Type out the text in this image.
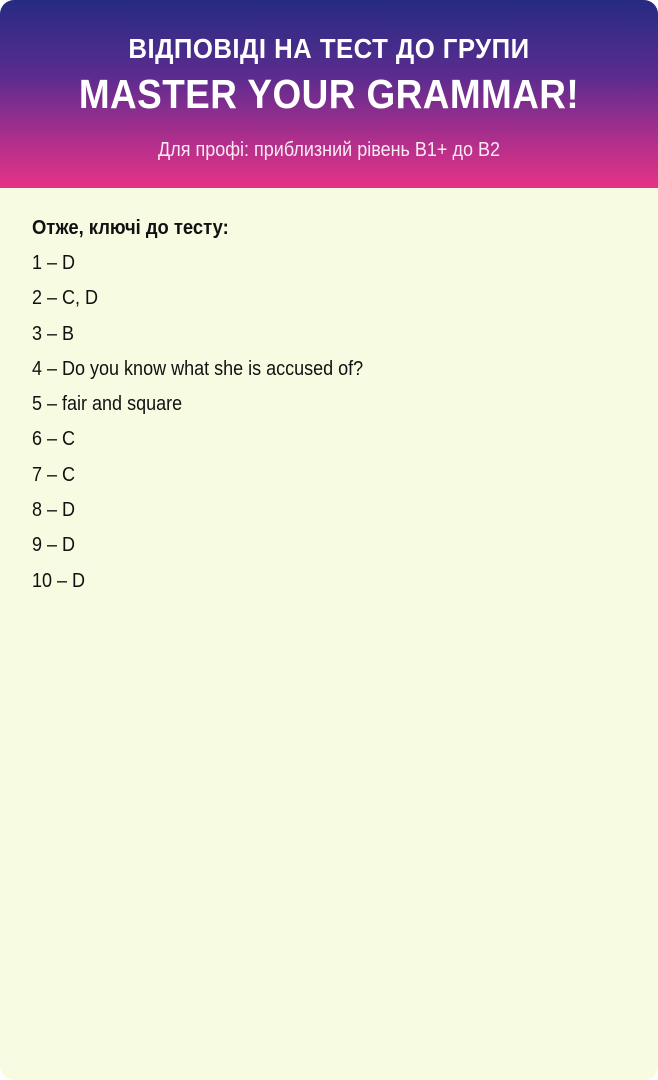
ВІДПОВІДІ НА ТЕСТ ДО ГРУПИ
MASTER YOUR GRAMMAR!
Для профі: приблизний рівень В1+ до В2

Отже, ключі до тесту:

1 – D
2 – C, D
3 – B
4 – Do you know what she is accused of?
5 – fair and square
6 – C
7 – C
8 – D
9 – D
10 – D
